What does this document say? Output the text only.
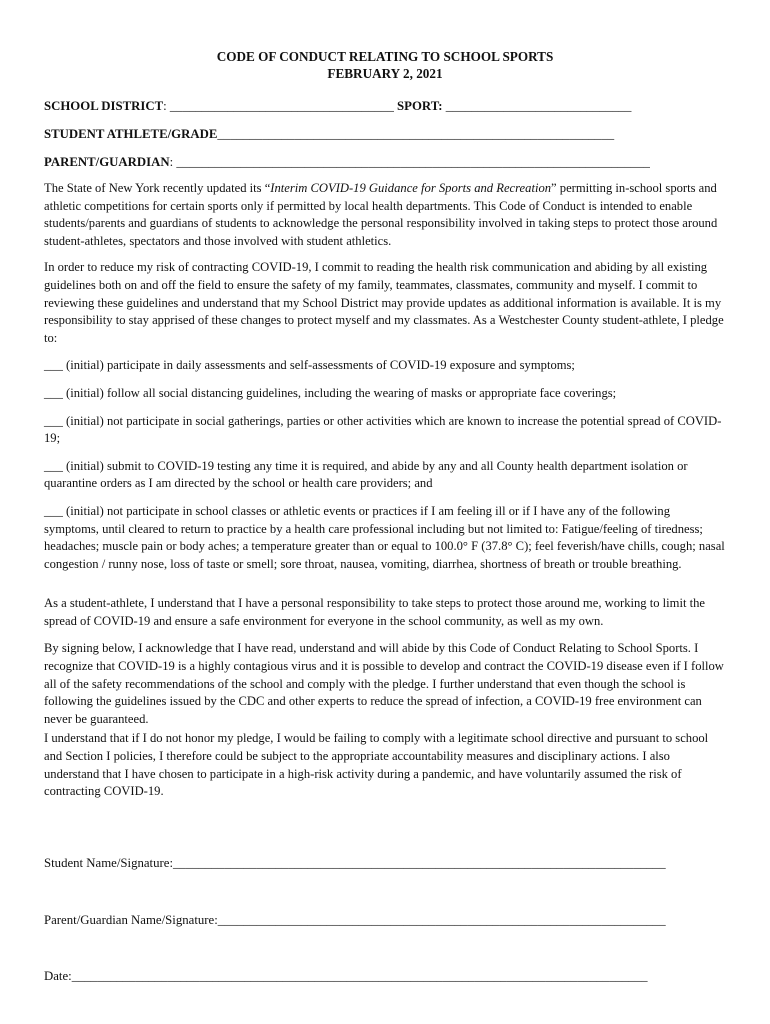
CODE OF CONDUCT RELATING TO SCHOOL SPORTS
FEBRUARY 2, 2021
SCHOOL DISTRICT: ___________________________________ SPORT: _____________________________
STUDENT ATHLETE/GRADE______________________________________________________________
PARENT/GUARDIAN: __________________________________________________________________________

The State of New York recently updated its “Interim COVID-19 Guidance for Sports and Recreation” permitting in-school sports and athletic competitions for certain sports only if permitted by local health departments. This Code of Conduct is intended to enable students/parents and guardians of students to acknowledge the personal responsibility involved in taking steps to protect those around student-athletes, spectators and those involved with student athletics.

In order to reduce my risk of contracting COVID-19, I commit to reading the health risk communication and abiding by all existing guidelines both on and off the field to ensure the safety of my family, teammates, classmates, community and myself. I commit to reviewing these guidelines and understand that my School District may provide updates as additional information is available. It is my responsibility to stay apprised of these changes to protect myself and my classmates. As a Westchester County student-athlete, I pledge to:

___ (initial) participate in daily assessments and self-assessments of COVID-19 exposure and symptoms;

___ (initial) follow all social distancing guidelines, including the wearing of masks or appropriate face coverings;

___ (initial) not participate in social gatherings, parties or other activities which are known to increase the potential spread of COVID-19;

___ (initial) submit to COVID-19 testing any time it is required, and abide by any and all County health department isolation or quarantine orders as I am directed by the school or health care providers; and

___ (initial) not participate in school classes or athletic events or practices if I am feeling ill or if I have any of the following symptoms, until cleared to return to practice by a health care professional including but not limited to: Fatigue/feeling of tiredness; headaches; muscle pain or body aches; a temperature greater than or equal to 100.0° F (37.8° C); feel feverish/have chills, cough; nasal congestion / runny nose, loss of taste or smell; sore throat, nausea, vomiting, diarrhea, shortness of breath or trouble breathing.

As a student-athlete, I understand that I have a personal responsibility to take steps to protect those around me, working to limit the spread of COVID-19 and ensure a safe environment for everyone in the school community, as well as my own.

By signing below, I acknowledge that I have read, understand and will abide by this Code of Conduct Relating to School Sports. I recognize that COVID-19 is a highly contagious virus and it is possible to develop and contract the COVID-19 disease even if I follow all of the safety recommendations of the school and comply with the pledge. I further understand that even though the school is following the guidelines issued by the CDC and other experts to reduce the spread of infection, a COVID-19 free environment can never be guaranteed.

I understand that if I do not honor my pledge, I would be failing to comply with a legitimate school directive and pursuant to school and Section I policies, I therefore could be subject to the appropriate accountability measures and disciplinary actions. I also understand that I have chosen to participate in a high-risk activity during a pandemic, and have voluntarily assumed the risk of contracting COVID-19.

Student Name/Signature:_____________________________________________________________________________
Parent/Guardian Name/Signature:______________________________________________________________________
Date:__________________________________________________________________________________________
